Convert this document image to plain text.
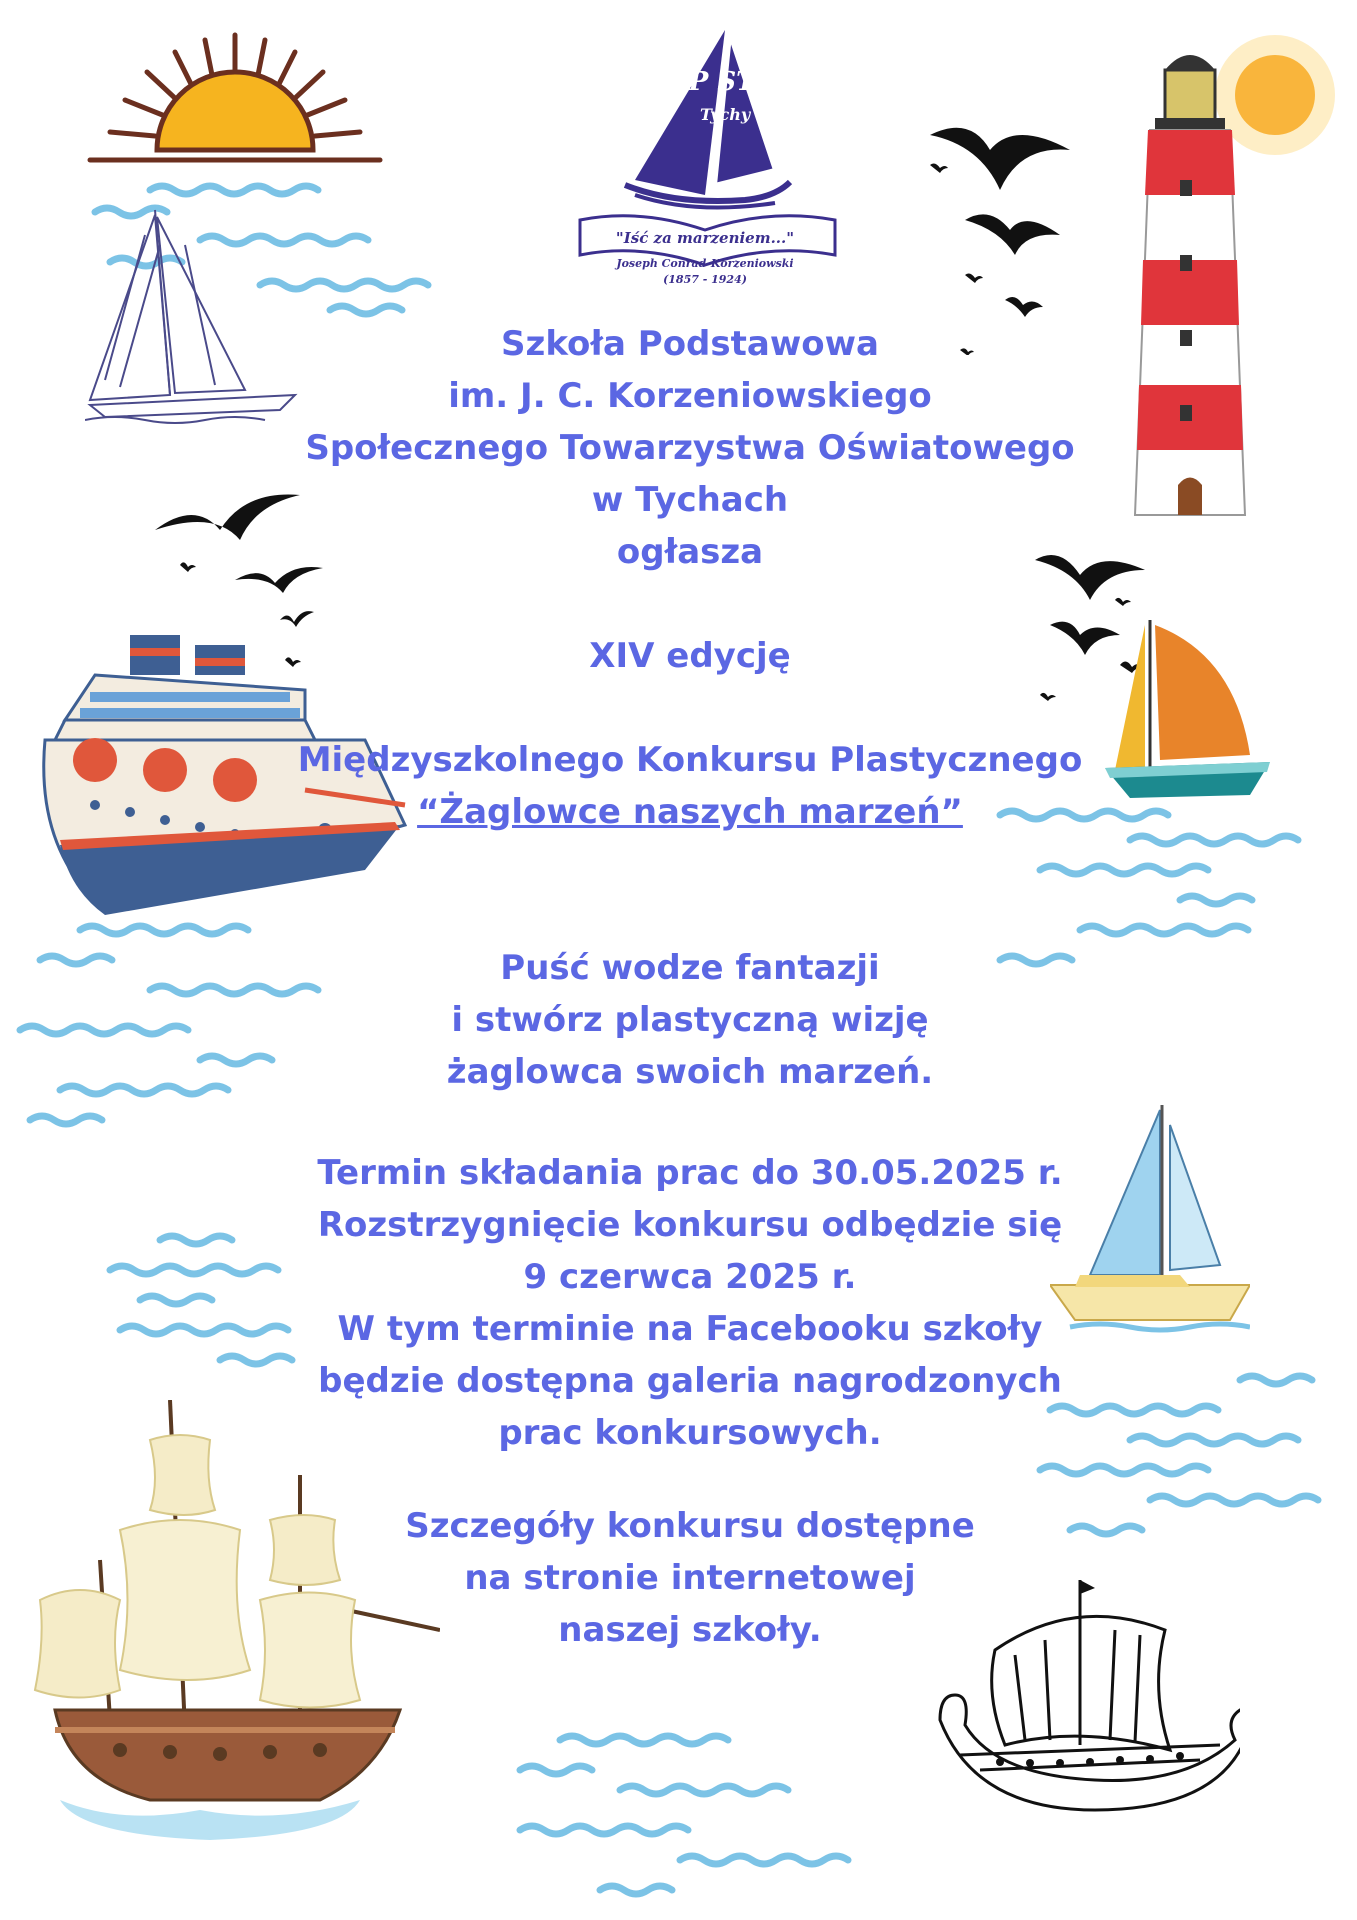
SP STO
Tychy
"Iść za marzeniem..."
Joseph Conrad-Korzeniowski
(1857 - 1924)
Szkoła Podstawowa
im. J. C. Korzeniowskiego
Społecznego Towarzystwa Oświatowego
w Tychach
ogłasza
XIV edycję
Międzyszkolnego Konkursu Plastycznego
“Żaglowce naszych marzeń”
Puść wodze fantazji
i stwórz plastyczną wizję
żaglowca swoich marzeń.
Termin składania prac do 30.05.2025 r.
Rozstrzygnięcie konkursu odbędzie się
9 czerwca 2025 r.
W tym terminie na Facebooku szkoły
będzie dostępna galeria nagrodzonych
prac konkursowych.
Szczegóły konkursu dostępne
na stronie internetowej
naszej szkoły.
